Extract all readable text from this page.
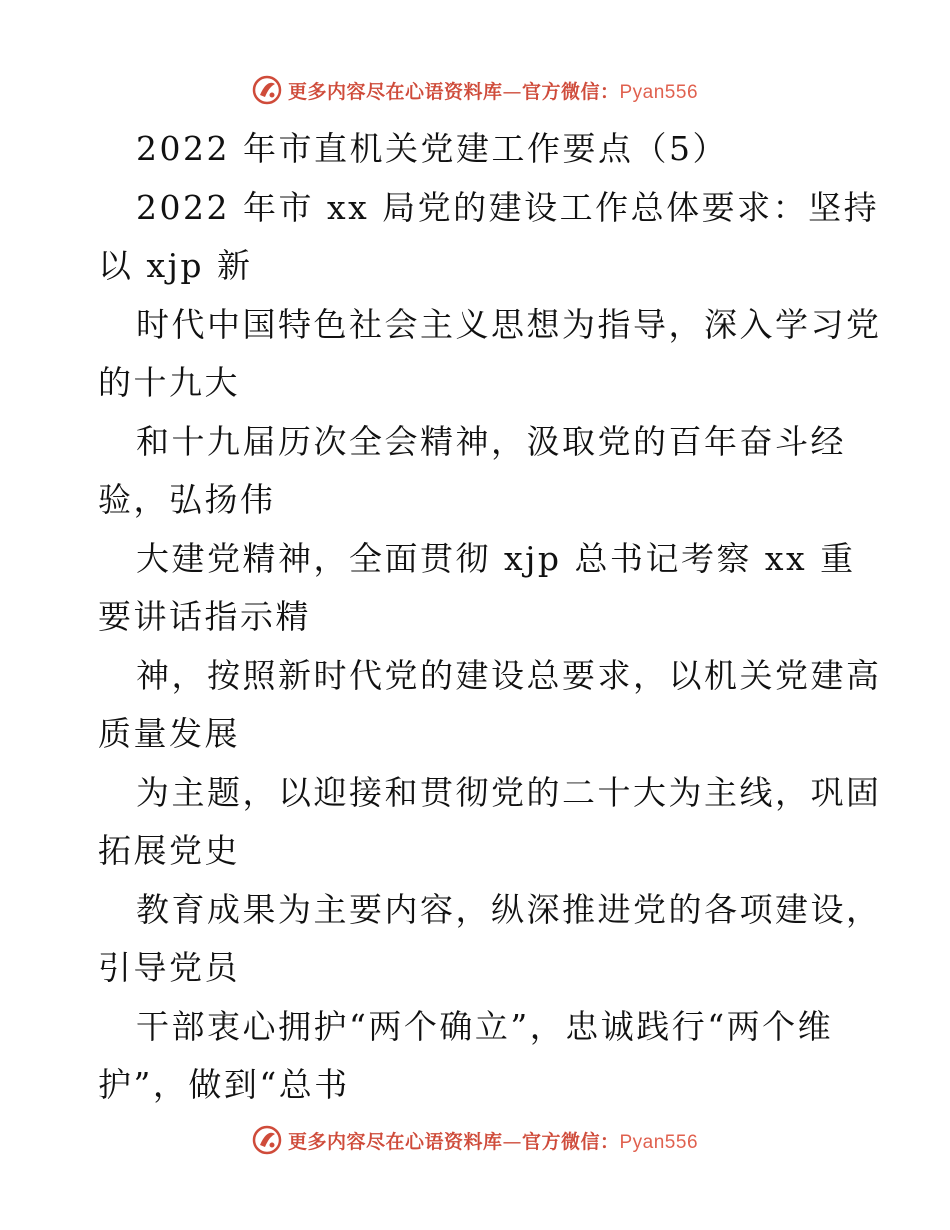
更多内容尽在心语资料库—官方微信：Pyan556
2022 年市直机关党建工作要点（5）
2022 年市 xx 局党的建设工作总体要求：坚持
以 xjp 新
时代中国特色社会主义思想为指导，深入学习党
的十九大
和十九届历次全会精神，汲取党的百年奋斗经
验，弘扬伟
大建党精神，全面贯彻 xjp 总书记考察 xx 重
要讲话指示精
神，按照新时代党的建设总要求，以机关党建高
质量发展
为主题，以迎接和贯彻党的二十大为主线，巩固
拓展党史
教育成果为主要内容，纵深推进党的各项建设，
引导党员
干部衷心拥护“两个确立”，忠诚践行“两个维
护”，做到“总书
更多内容尽在心语资料库—官方微信：Pyan556
